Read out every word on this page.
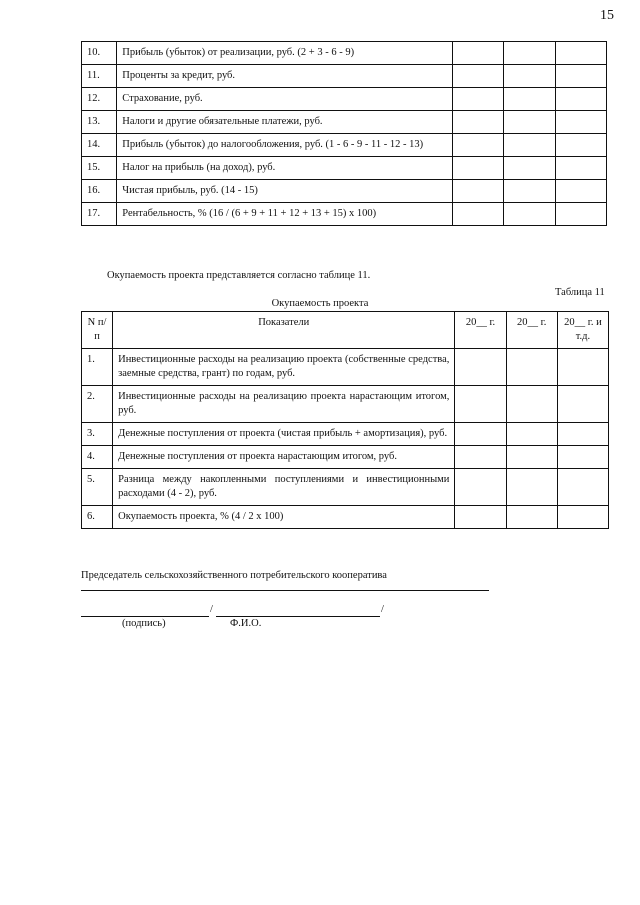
15
10.	Прибыль (убыток) от реализации, руб. (2 + 3 - 6 - 9)			
11.	Проценты за кредит, руб.			
12.	Страхование, руб.			
13.	Налоги и другие обязательные платежи, руб.			
14.	Прибыль (убыток) до налогообложения, руб. (1 - 6 - 9 - 11 - 12 - 13)			
15.	Налог на прибыль (на доход), руб.			
16.	Чистая прибыль, руб. (14 - 15)			
17.	Рентабельность, % (16 / (6 + 9 + 11 + 12 + 13 + 15) x 100)			
Окупаемость проекта представляется согласно таблице 11.
Таблица 11
Окупаемость проекта
N п/п	Показатели	20__ г.	20__ г.	20__ г. и т.д.
1.	Инвестиционные расходы на реализацию проекта (собственные средства, заемные средства, грант) по годам, руб.			
2.	Инвестиционные расходы на реализацию проекта нарастающим итогом, руб.			
3.	Денежные поступления от проекта (чистая прибыль + амортизация), руб.			
4.	Денежные поступления от проекта нарастающим итогом, руб.			
5.	Разница между накопленными поступлениями и инвестиционными расходами (4 - 2), руб.			
6.	Окупаемость проекта, % (4 / 2 x 100)			
Председатель сельскохозяйственного потребительского кооператива
/	/
(подпись)	Ф.И.О.
